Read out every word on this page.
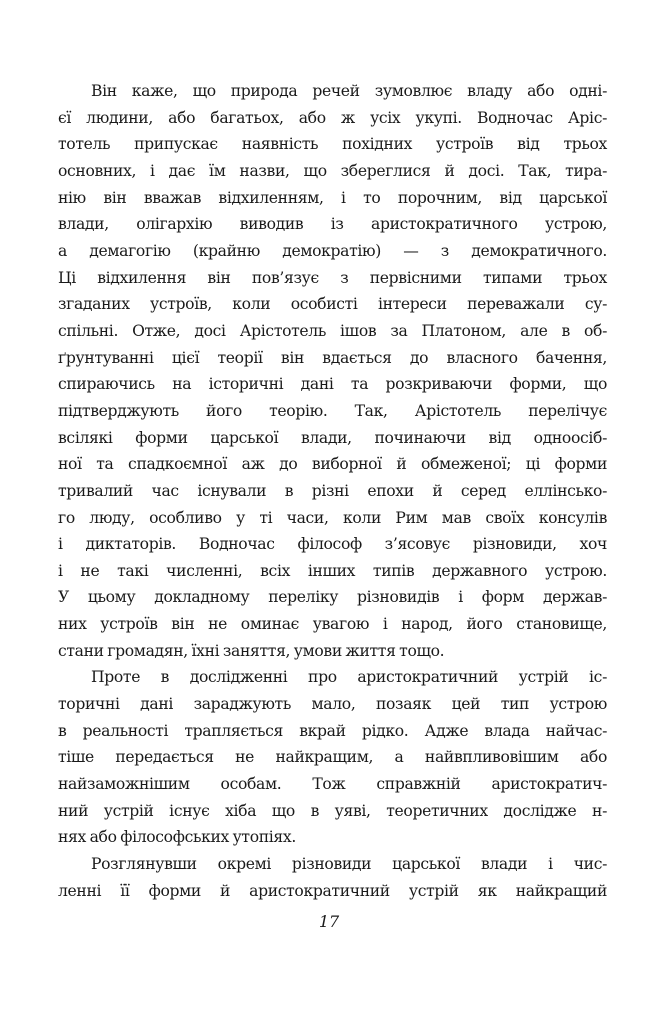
Він каже, що природа речей зумовлює владу або одні-
єї людини, або багатьох, або ж усіх укупі. Водночас Аріс-
тотель припускає наявність похідних устроїв від трьох
основних, і дає їм назви, що збереглися й досі. Так, тира-
нію він вважав відхиленням, і то порочним, від царської
влади, олігархію виводив із аристократичного устрою,
а демагогію (крайню демократію) — з демократичного.
Ці відхилення він пов’язує з первісними типами трьох
згаданих устроїв, коли особисті інтереси переважали су-
спільні. Отже, досі Арістотель ішов за Платоном, але в об-
ґрунтуванні цієї теорії він вдається до власного бачення,
спираючись на історичні дані та розкриваючи форми, що
підтверджують його теорію. Так, Арістотель перелічує
всілякі форми царської влади, починаючи від одноосіб-
ної та спадкоємної аж до виборної й обмеженої; ці форми
тривалий час існували в різні епохи й серед еллінсько-
го люду, особливо у ті часи, коли Рим мав своїх консулів
і диктаторів. Водночас філософ з’ясовує різновиди, хоч
і не такі численні, всіх інших типів державного устрою.
У цьому докладному переліку різновидів і форм держав-
них устроїв він не оминає увагою і народ, його становище,
стани громадян, їхні заняття, умови життя тощо.
Проте в дослідженні про аристократичний устрій іс-
торичні дані зараджують мало, позаяк цей тип устрою
в реальності трапляється вкрай рідко. Адже влада найчас-
тіше передається не найкращим, а найвпливовішим або
найзаможнішим особам. Тож справжній аристократич-
ний устрій існує хіба що в уяві, теоретичних дослідже н-
нях або філософських утопіях.
Розглянувши окремі різновиди царської влади і чис-
ленні її форми й аристократичний устрій як найкращий
17
